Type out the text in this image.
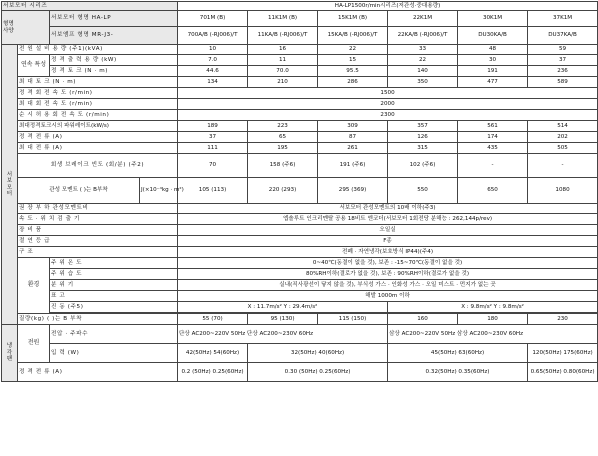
서보모터 시리즈				HA-LP1500r/min시리즈(저관성·중대용량)					

형명
사양		서보모터 형명 HA-LP		701M (B)	11K1M (B)	15K1M (B)	22K1M	30K1M	37K1M
		서보앰프 형명 MR-J3-		700A/B (-RJ006)/T	11KA/B (-RJ006)/T	15KA/B (-RJ006)/T	22KA/B (-RJ006)/T	DU30KA/B	DU37KA/B

서
보
모
터	전 원 설 비 용 량 (주1)(kVA)			10	16	22	33	48	59
	연속 특성	정 격 출 력 용 량 (kW)		7.0	11	15	22	30	37
		정 격 토 크 (N · m)		44.6	70.0	95.5	140	191	236
	최 대 토 크 (N · m)			134	210	286	350	477	589
	정 격 회 전 속 도 (r/min)			1500					
	최 대 회 전 속 도 (r/min)			2000					
	순 시 허 용 회 전 속 도 (r/min)			2300					
	최대정격토크시의 파워레이트(kW/s)			189	223	309	357	561	514
	정 격 전 류 (A)			37	65	87	126	174	202
	최 대 전 류 (A)			111	195	261	315	435	505
	회생 브레이크 빈도 (회/분) (주2)			70	158 (주6)	191 (주6)	102 (주6)	-	-
	관성 모멘트 ( )는 B부착		J(×10⁻⁴kg · m²)	105 (113)	220 (293)	295 (369)	550	650	1080
	권 장 부 하 관성모멘트비			서보모터 관성모멘트의 10배 이하(주3)					
	속 도 · 위 치 검 출 기			엡솔루트 인크리멘탈 공용 18비트 엔코더(서보모터 1회전당 분해능 : 262,144p/rev)					
	장 비 품			오일실					
	절 연 등 급			F종					
	구 조			전폐 · 자연냉각(보호방식 IP44)(주4)					
	환경	주 위 온 도		0~40℃(동결이 없을 것), 보존 : -15~70℃(동결이 없을 것)					
		주 위 습 도		80%RH이하(결로가 없을 것), 보존 : 90%RH이하(결로가 없을 것)					
		분 위 기		실내(직사광선이 닿지 않을 것), 부식성 가스 · 인화성 가스 · 오일 미스트 · 먼지가 없는 곳					
		표 고		해발 1000m 이하					
		진 동 (주5)		X : 11.7m/s² Y : 29.4m/s²			X : 9.8m/s² Y : 9.8m/s²		

	질량(kg) ( )는 B 부착			55 (70)	95 (130)	115 (150)	160	180	230

냉
각
팬	전원	전압 · 주파수		단상 AC200~220V 50Hz 단상 AC200~230V 60Hz			삼상 AC200~220V 50Hz 삼상 AC200~230V 60Hz		
		입 력 (W)		42(50Hz) 54(60Hz)	32(50Hz) 40(60Hz)		45(50Hz) 63(60Hz)		120(50Hz) 175(60Hz)
	정 격 전 류 (A)			0.2 (50Hz) 0.25(60Hz)	0.30 (50Hz) 0.25(60Hz)		0.32(50Hz) 0.35(60Hz)		0.65(50Hz) 0.80(60Hz)
